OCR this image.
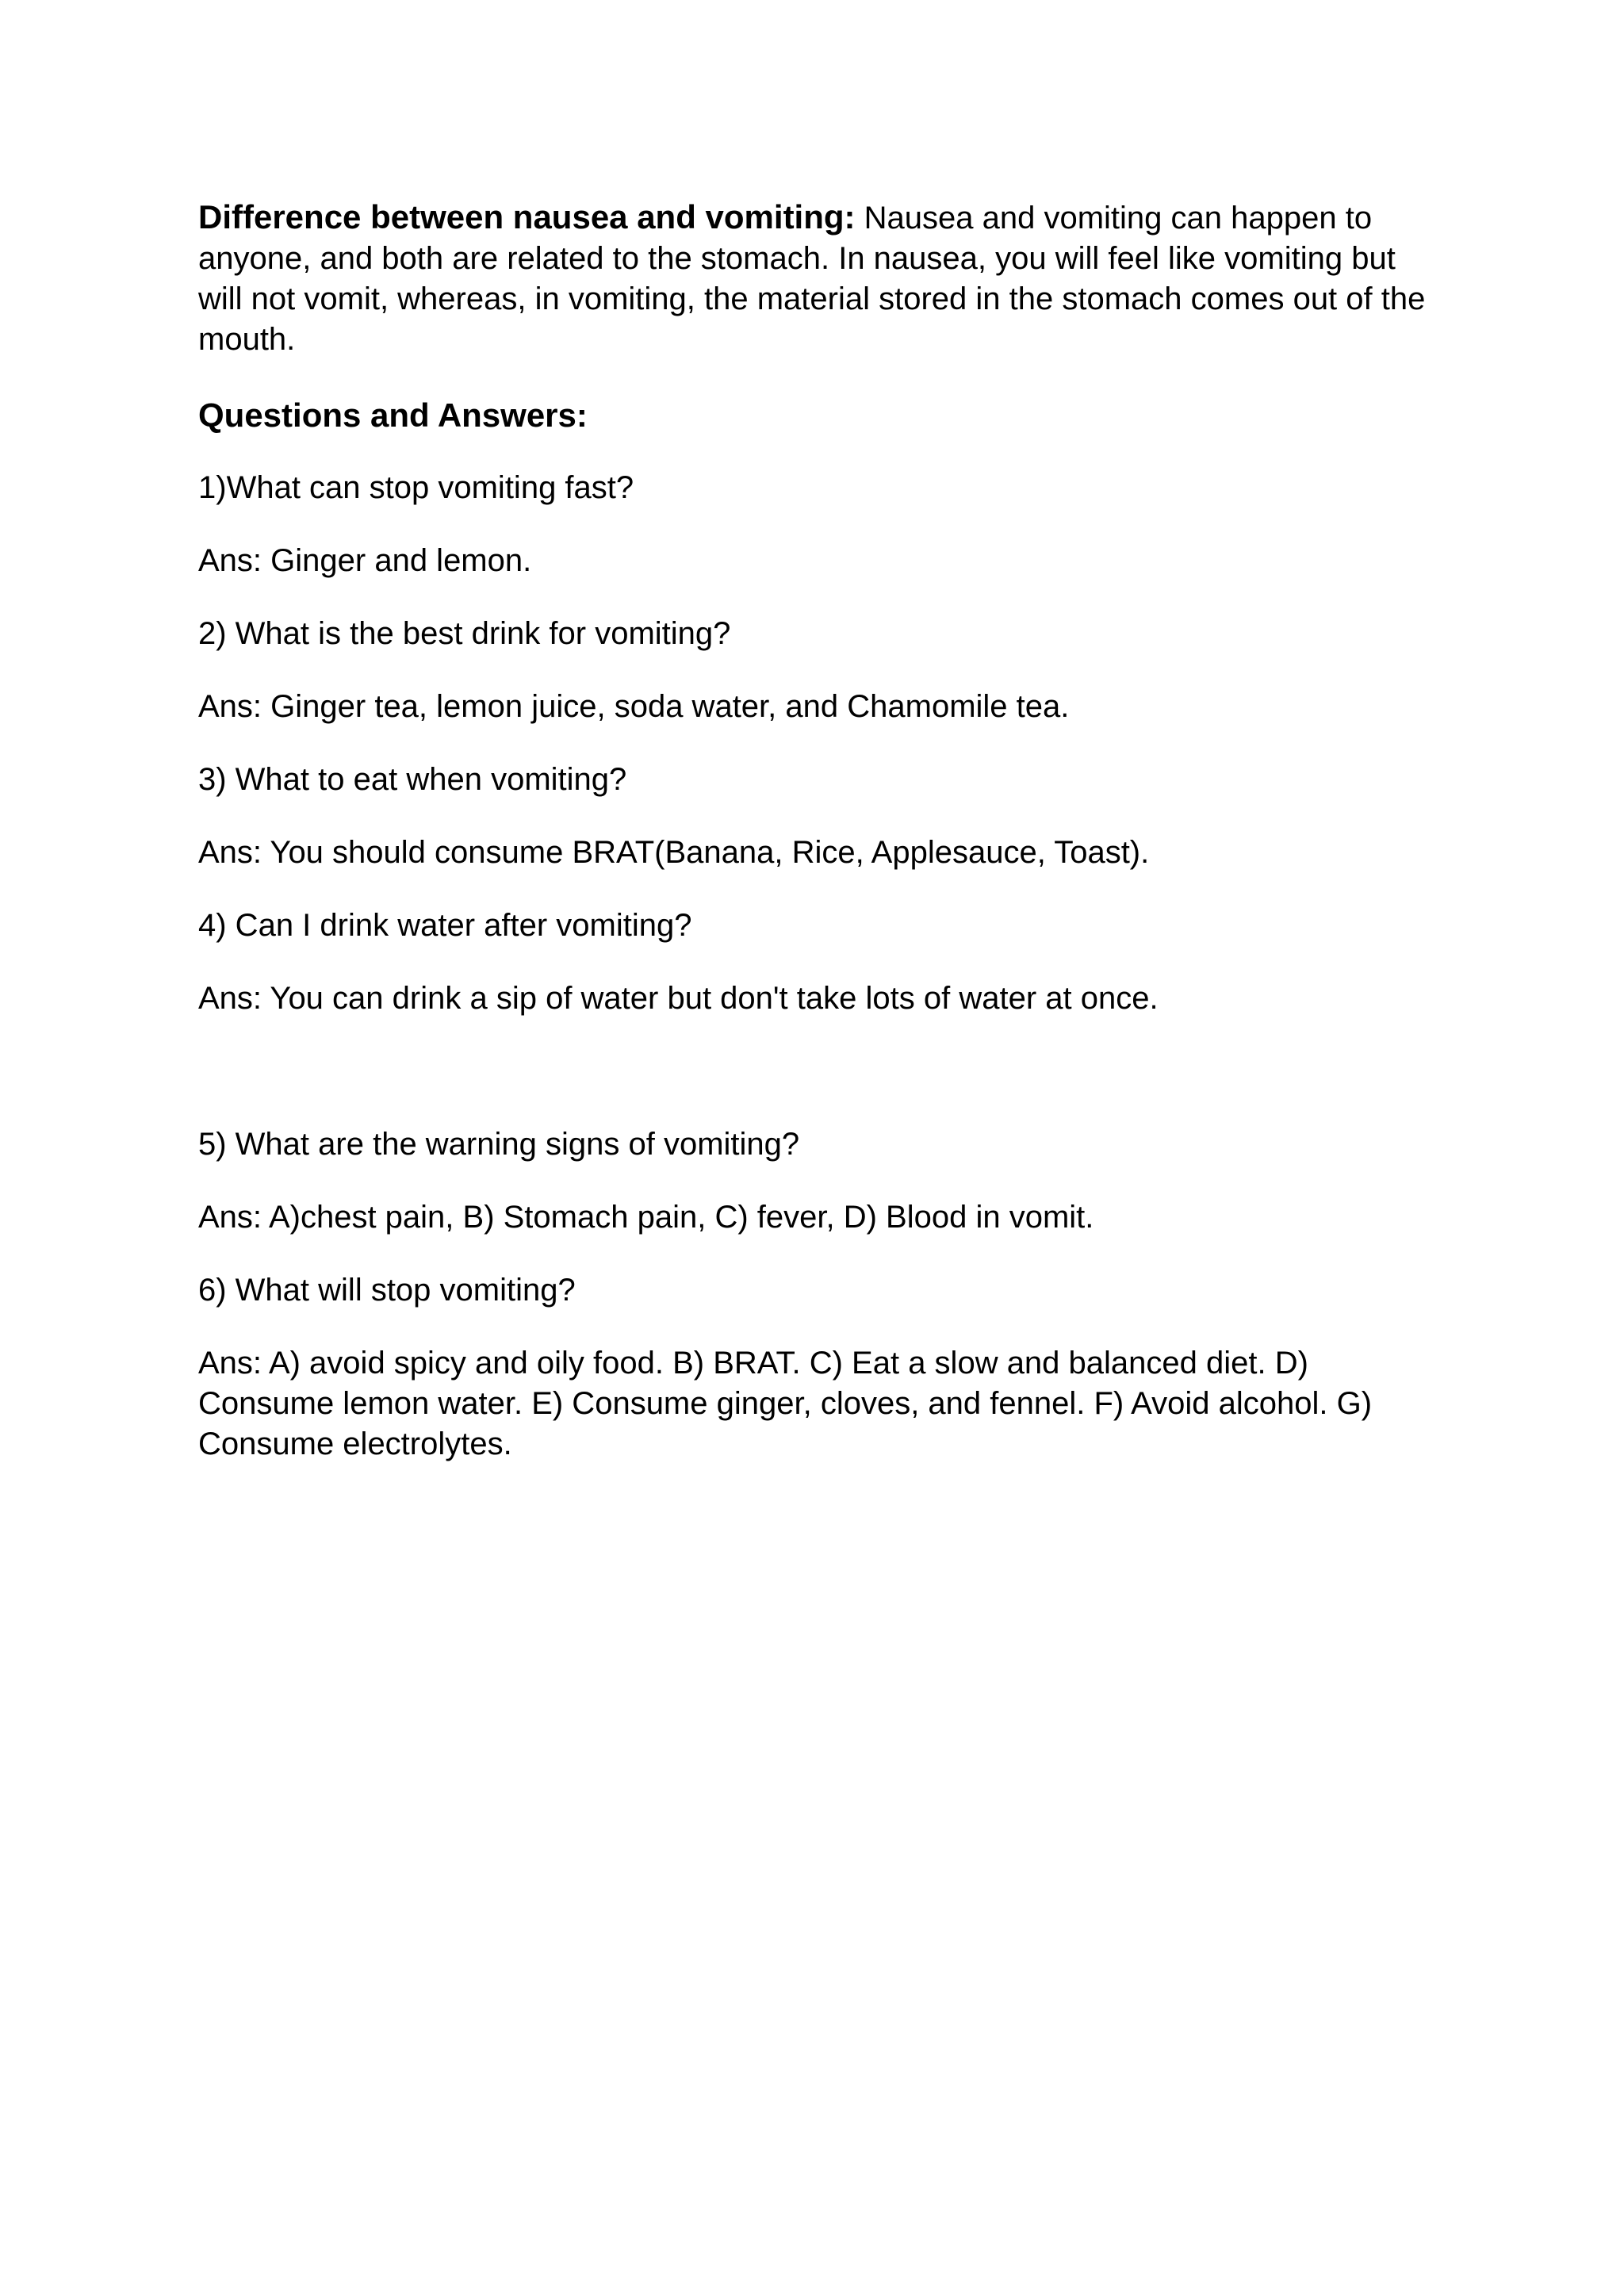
Difference between nausea and vomiting: Nausea and vomiting can happen to anyone, and both are related to the stomach. In nausea, you will feel like vomiting but will not vomit, whereas, in vomiting, the material stored in the stomach comes out of the mouth.

Questions and Answers:

1)What can stop vomiting fast?

Ans: Ginger and lemon.

2) What is the best drink for vomiting?

Ans: Ginger tea, lemon juice, soda water, and Chamomile tea.

3) What to eat when vomiting?

Ans: You should consume BRAT(Banana, Rice, Applesauce, Toast).

4) Can I drink water after vomiting?

Ans: You can drink a sip of water but don't take lots of water at once.

5) What are the warning signs of vomiting?

Ans: A)chest pain, B) Stomach pain, C) fever, D) Blood in vomit.

6) What will stop vomiting?

Ans: A) avoid spicy and oily food. B) BRAT. C) Eat a slow and balanced diet. D) Consume lemon water. E) Consume ginger, cloves, and fennel. F) Avoid alcohol. G) Consume electrolytes.
